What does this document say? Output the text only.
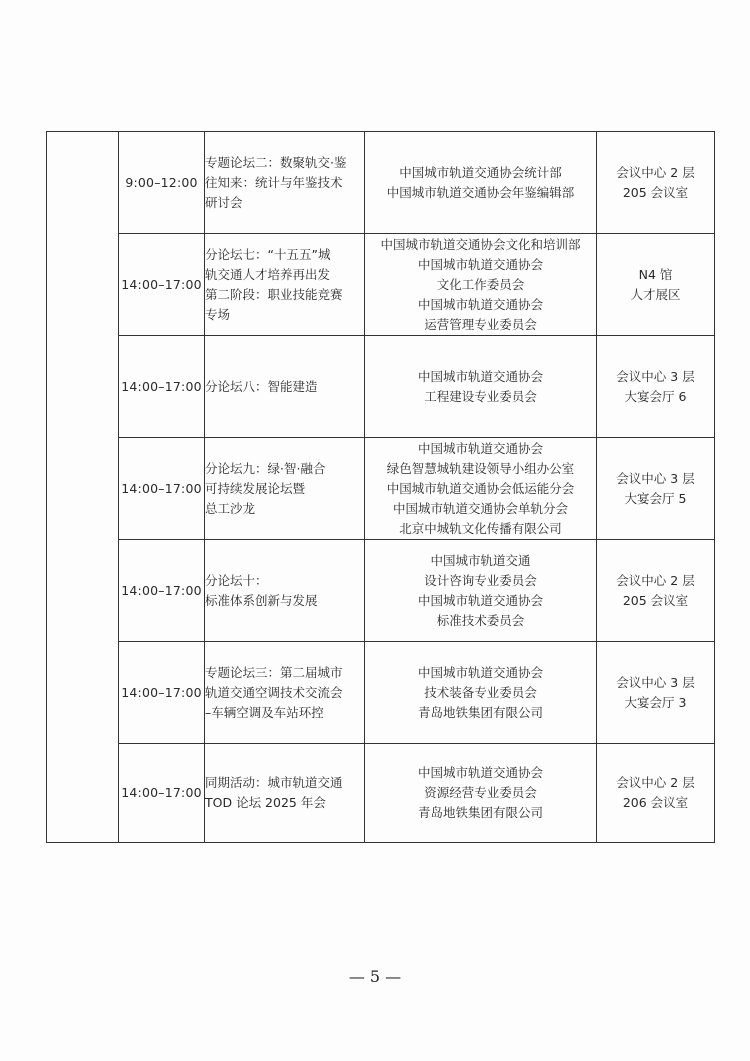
	9:00–12:00	专题论坛二：数聚轨交·鉴
往知来：统计与年鉴技术
研讨会	中国城市轨道交通协会统计部
中国城市轨道交通协会年鉴编辑部	会议中心 2 层
205 会议室

	14:00–17:00	分论坛七：“十五五”城
轨交通人才培养再出发
第二阶段：职业技能竞赛
专场	中国城市轨道交通协会文化和培训部
中国城市轨道交通协会
文化工作委员会
中国城市轨道交通协会
运营管理专业委员会	N4 馆
人才展区

	14:00–17:00	分论坛八：智能建造	中国城市轨道交通协会
工程建设专业委员会	会议中心 3 层
大宴会厅 6

	14:00–17:00	分论坛九：绿·智·融合
可持续发展论坛暨
总工沙龙	中国城市轨道交通协会
绿色智慧城轨建设领导小组办公室
中国城市轨道交通协会低运能分会
中国城市轨道交通协会单轨分会
北京中城轨文化传播有限公司	会议中心 3 层
大宴会厅 5

	14:00–17:00	分论坛十：
标准体系创新与发展	中国城市轨道交通
设计咨询专业委员会
中国城市轨道交通协会
标准技术委员会	会议中心 2 层
205 会议室

	14:00–17:00	专题论坛三：第二届城市
轨道交通空调技术交流会
–车辆空调及车站环控	中国城市轨道交通协会
技术装备专业委员会
青岛地铁集团有限公司	会议中心 3 层
大宴会厅 3

	14:00–17:00	同期活动：城市轨道交通
TOD 论坛 2025 年会	中国城市轨道交通协会
资源经营专业委员会
青岛地铁集团有限公司	会议中心 2 层
206 会议室
— 5 —
